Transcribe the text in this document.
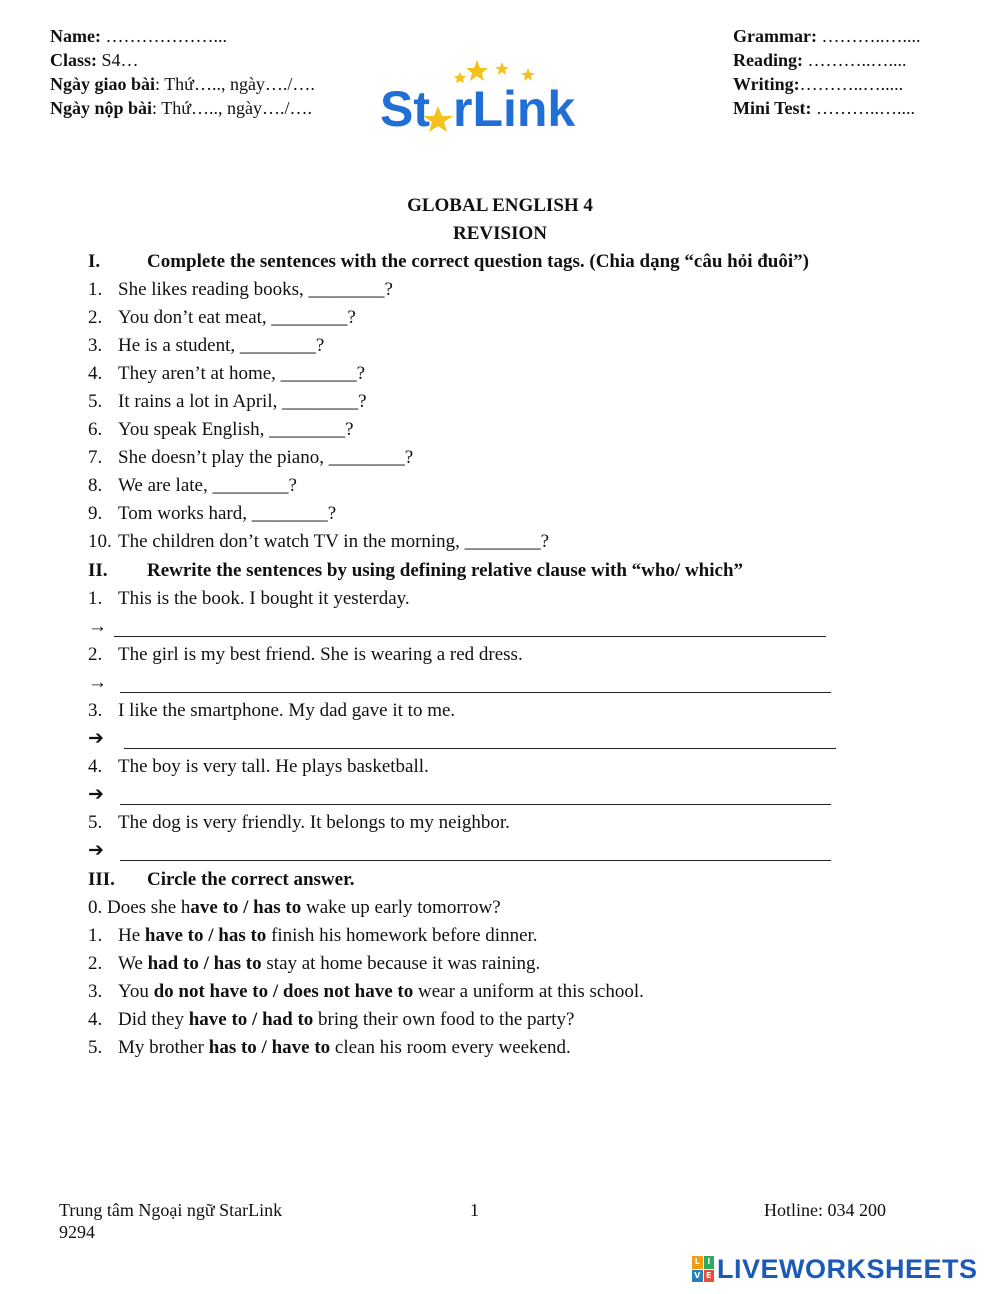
Name: ………………...
Class: S4…
Ngày giao bài: Thứ….., ngày…./….
Ngày nộp bài: Thứ….., ngày…./…. St rLink
Grammar: ………..…....
Reading: ………..…....
Writing:………..….....
Mini Test: ………..…....
GLOBAL ENGLISH 4
REVISION
I. Complete the sentences with the correct question tags. (Chia dạng “câu hỏi đuôi”)
1. She likes reading books, ________?
2. You don’t eat meat, ________?
3. He is a student, ________?
4. They aren’t at home, ________?
5. It rains a lot in April, ________?
6. You speak English, ________?
7. She doesn’t play the piano, ________?
8. We are late, ________?
9. Tom works hard, ________?
10. The children don’t watch TV in the morning, ________?
II. Rewrite the sentences by using defining relative clause with “who/ which”
1. This is the book. I bought it yesterday.
→
2. The girl is my best friend. She is wearing a red dress.
→
3. I like the smartphone. My dad gave it to me.
➔
4. The boy is very tall. He plays basketball.
➔
5. The dog is very friendly. It belongs to my neighbor.
➔
III. Circle the correct answer.
0. Does she have to / has to wake up early tomorrow?
1. He have to / has to finish his homework before dinner.
2. We had to / has to stay at home because it was raining.
3. You do not have to / does not have to wear a uniform at this school.
4. Did they have to / had to bring their own food to the party?
5. My brother has to / have to clean his room every weekend.
Trung tâm Ngoại ngữ StarLink
9294
1	Hotline: 034 200
L I
V E LIVEWORKSHEETS
